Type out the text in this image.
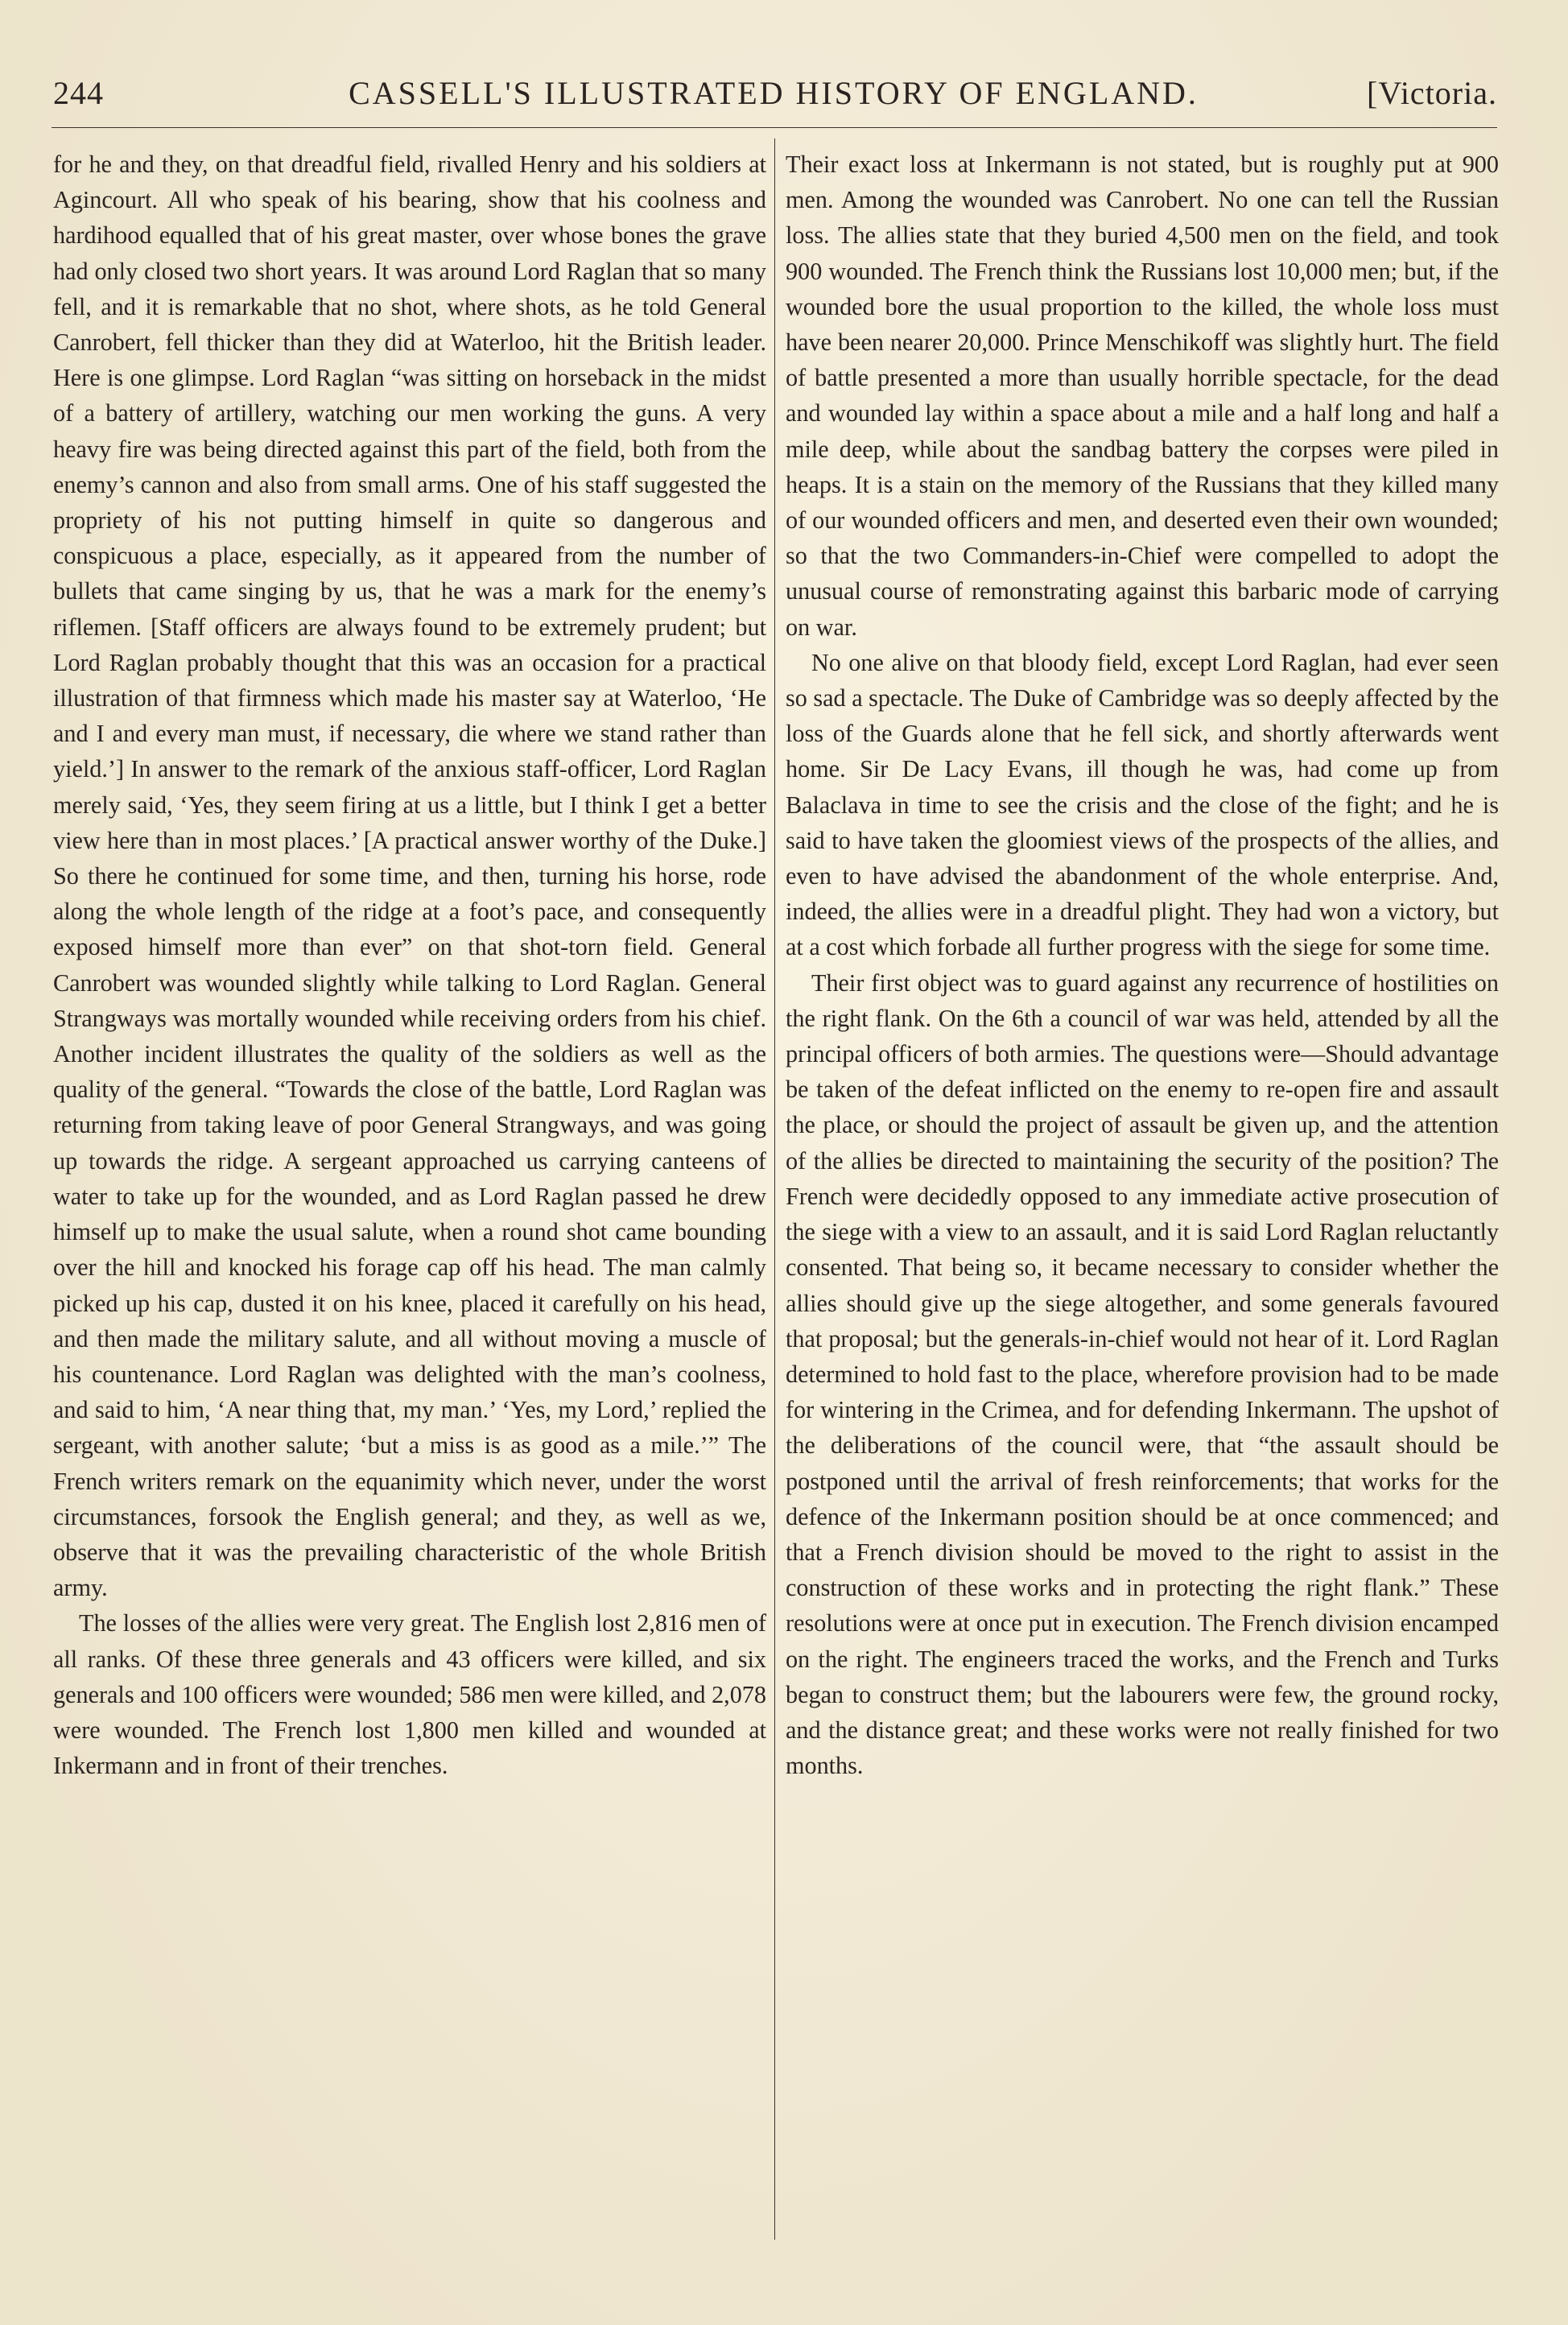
244	CASSELL'S ILLUSTRATED HISTORY OF ENGLAND.	[Victoria.

for he and they, on that dreadful field, rivalled Henry and his soldiers at Agincourt. All who speak of his bearing, show that his coolness and hardihood equalled that of his great master, over whose bones the grave had only closed two short years. It was around Lord Raglan that so many fell, and it is remarkable that no shot, where shots, as he told General Canrobert, fell thicker than they did at Waterloo, hit the British leader. Here is one glimpse. Lord Raglan “was sitting on horseback in the midst of a battery of artillery, watching our men working the guns. A very heavy fire was being directed against this part of the field, both from the enemy’s cannon and also from small arms. One of his staff suggested the propriety of his not putting himself in quite so dangerous and conspicuous a place, especially, as it appeared from the number of bullets that came singing by us, that he was a mark for the enemy’s riflemen. [Staff officers are always found to be extremely prudent; but Lord Raglan probably thought that this was an occasion for a practical illustration of that firmness which made his master say at Waterloo, ‘He and I and every man must, if necessary, die where we stand rather than yield.’] In answer to the remark of the anxious staff-officer, Lord Raglan merely said, ‘Yes, they seem firing at us a little, but I think I get a better view here than in most places.’ [A practical answer worthy of the Duke.] So there he continued for some time, and then, turning his horse, rode along the whole length of the ridge at a foot’s pace, and consequently exposed himself more than ever” on that shot-torn field. General Canrobert was wounded slightly while talking to Lord Raglan. General Strangways was mortally wounded while receiving orders from his chief. Another incident illustrates the quality of the soldiers as well as the quality of the general. “Towards the close of the battle, Lord Raglan was returning from taking leave of poor General Strangways, and was going up towards the ridge. A sergeant approached us carrying canteens of water to take up for the wounded, and as Lord Raglan passed he drew himself up to make the usual salute, when a round shot came bounding over the hill and knocked his forage cap off his head. The man calmly picked up his cap, dusted it on his knee, placed it carefully on his head, and then made the military salute, and all without moving a muscle of his countenance. Lord Raglan was delighted with the man’s coolness, and said to him, ‘A near thing that, my man.’ ‘Yes, my Lord,’ replied the sergeant, with another salute; ‘but a miss is as good as a mile.’” The French writers remark on the equanimity which never, under the worst circumstances, forsook the English general; and they, as well as we, observe that it was the prevailing characteristic of the whole British army.

The losses of the allies were very great. The English lost 2,816 men of all ranks. Of these three generals and 43 officers were killed, and six generals and 100 officers were wounded; 586 men were killed, and 2,078 were wounded. The French lost 1,800 men killed and wounded at Inkermann and in front of their trenches.

Their exact loss at Inkermann is not stated, but is roughly put at 900 men. Among the wounded was Canrobert. No one can tell the Russian loss. The allies state that they buried 4,500 men on the field, and took 900 wounded. The French think the Russians lost 10,000 men; but, if the wounded bore the usual proportion to the killed, the whole loss must have been nearer 20,000. Prince Menschikoff was slightly hurt. The field of battle presented a more than usually horrible spectacle, for the dead and wounded lay within a space about a mile and a half long and half a mile deep, while about the sandbag battery the corpses were piled in heaps. It is a stain on the memory of the Russians that they killed many of our wounded officers and men, and deserted even their own wounded; so that the two Commanders-in-Chief were compelled to adopt the unusual course of remonstrating against this barbaric mode of carrying on war.

No one alive on that bloody field, except Lord Raglan, had ever seen so sad a spectacle. The Duke of Cambridge was so deeply affected by the loss of the Guards alone that he fell sick, and shortly afterwards went home. Sir De Lacy Evans, ill though he was, had come up from Balaclava in time to see the crisis and the close of the fight; and he is said to have taken the gloomiest views of the prospects of the allies, and even to have advised the abandonment of the whole enterprise. And, indeed, the allies were in a dreadful plight. They had won a victory, but at a cost which forbade all further progress with the siege for some time.

Their first object was to guard against any recurrence of hostilities on the right flank. On the 6th a council of war was held, attended by all the principal officers of both armies. The questions were—Should advantage be taken of the defeat inflicted on the enemy to re-open fire and assault the place, or should the project of assault be given up, and the attention of the allies be directed to maintaining the security of the position? The French were decidedly opposed to any immediate active prosecution of the siege with a view to an assault, and it is said Lord Raglan reluctantly consented. That being so, it became necessary to consider whether the allies should give up the siege altogether, and some generals favoured that proposal; but the generals-in-chief would not hear of it. Lord Raglan determined to hold fast to the place, wherefore provision had to be made for wintering in the Crimea, and for defending Inkermann. The upshot of the deliberations of the council were, that “the assault should be postponed until the arrival of fresh reinforcements; that works for the defence of the Inkermann position should be at once commenced; and that a French division should be moved to the right to assist in the construction of these works and in protecting the right flank.” These resolutions were at once put in execution. The French division encamped on the right. The engineers traced the works, and the French and Turks began to construct them; but the labourers were few, the ground rocky, and the distance great; and these works were not really finished for two months.
